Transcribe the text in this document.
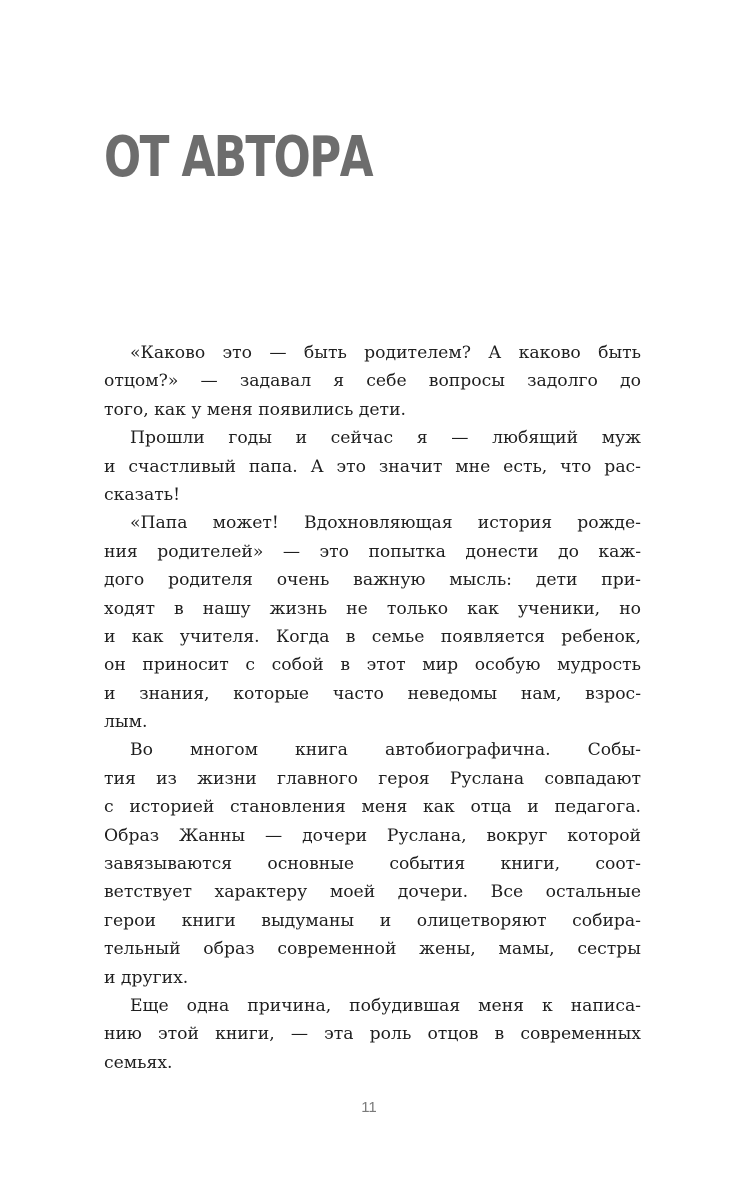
ОТ АВТОРА

«Каково это — быть родителем? А каково быть
отцом?» — задавал я себе вопросы задолго до
того, как у меня появились дети.

Прошли годы и сейчас я — любящий муж
и счастливый папа. А это значит мне есть, что рас-
сказать!

«Папа может! Вдохновляющая история рожде-
ния родителей» — это попытка донести до каж-
дого родителя очень важную мысль: дети при-
ходят в нашу жизнь не только как ученики, но
и как учителя. Когда в семье появляется ребенок,
он приносит с собой в этот мир особую мудрость
и знания, которые часто неведомы нам, взрос-
лым.

Во многом книга автобиографична. Собы-
тия из жизни главного героя Руслана совпадают
с историей становления меня как отца и педагога.
Образ Жанны — дочери Руслана, вокруг которой
завязываются основные события книги, соот-
ветствует характеру моей дочери. Все остальные
герои книги выдуманы и олицетворяют собира-
тельный образ современной жены, мамы, сестры
и других.

Еще одна причина, побудившая меня к написа-
нию этой книги, — эта роль отцов в современных
семьях.

11
